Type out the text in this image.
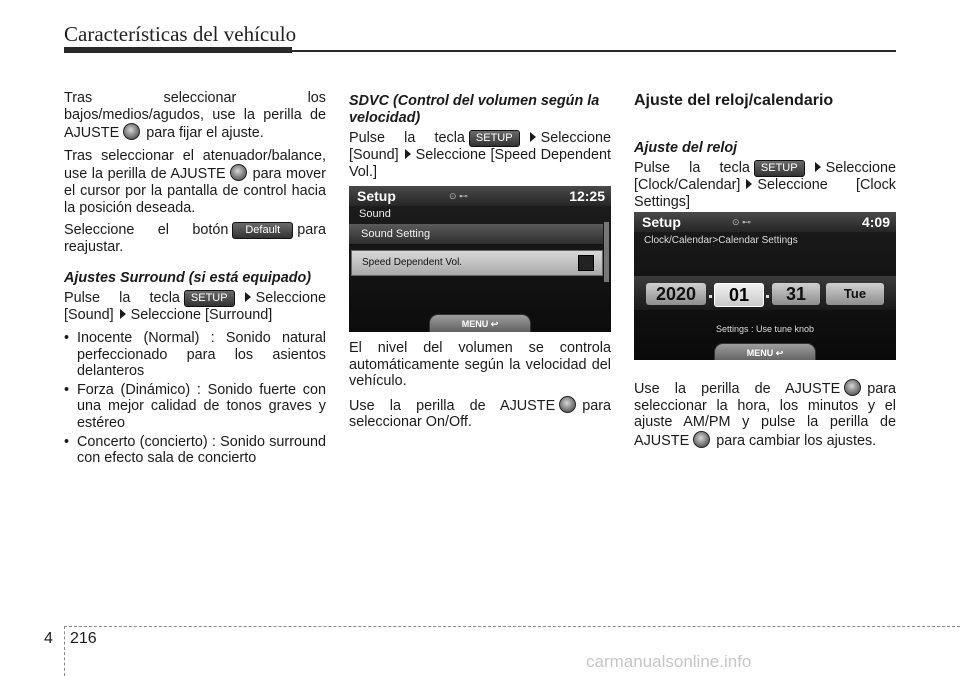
Características del vehículo

Tras seleccionar los bajos/medios/agudos, use la perilla de AJUSTE para fijar el ajuste.

Tras seleccionar el atenuador/balance, use la perilla de AJUSTE para mover el cursor por la pantalla de control hacia la posición deseada.

Seleccione el botón Default para reajustar.

Ajustes Surround (si está equipado)

Pulse la tecla SETUP Seleccione [Sound] Seleccione [Surround]

• Inocente (Normal) : Sonido natural perfeccionado para los asientos delanteros
• Forza (Dinámico) : Sonido fuerte con una mejor calidad de tonos graves y estéreo
• Concerto (concierto) : Sonido surround con efecto sala de concierto
SDVC (Control del volumen según la velocidad)

Pulse la tecla SETUP Seleccione [Sound] Seleccione [Speed Dependent Vol.]

Setup	⊙ ⊷	12:25
Sound
Sound Setting
Speed Dependent Vol.
MENU ↩

El nivel del volumen se controla automáticamente según la velocidad del vehículo.

Use la perilla de AJUSTE para seleccionar On/Off.

Ajuste del reloj/calendario
Ajuste del reloj

Pulse la tecla SETUP Seleccione [Clock/Calendar] Seleccione [Clock Settings]

Setup	⊙ ⊷	4:09
Clock/Calendar>Calendar Settings
2020	01	31	Tue
Settings : Use tune knob
MENU ↩

Use la perilla de AJUSTE para seleccionar la hora, los minutos y el ajuste AM/PM y pulse la perilla de AJUSTE para cambiar los ajustes.

4 216
carmanualsonline.info
